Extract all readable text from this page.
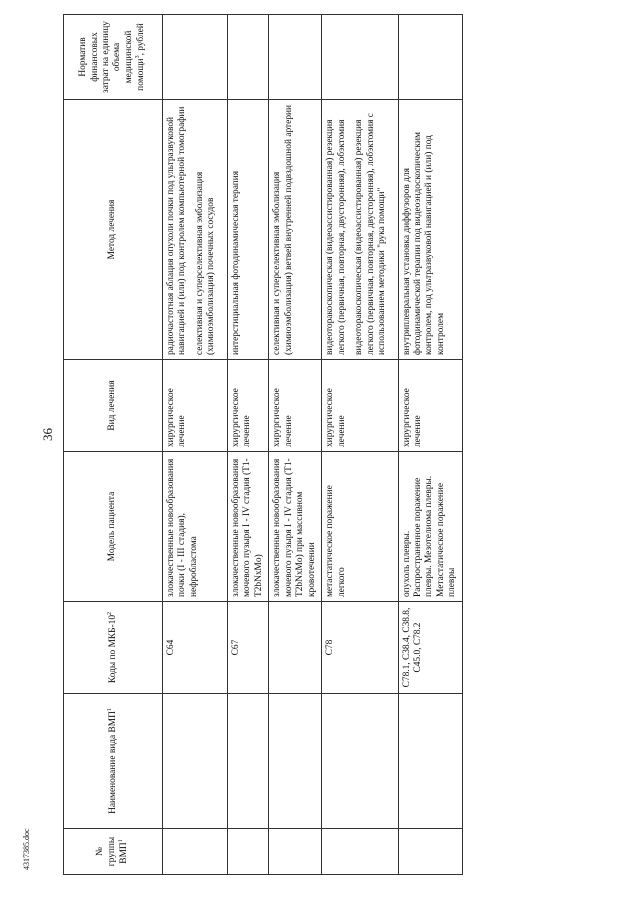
36
4317385.doc	№ группы ВМП$^1$	Наименование вида ВМП$^1$	Коды по МКБ-$10^2$	Модель пациента	Вид лечения	Метод лечения	Норматив финансовых затрат на единицу объема медицинской помощи$^3$, рублей
		C64	злокачественные новообразования почки (I - III стадия), нефробластома	хирургическое лечение	радиочастотная аблация опухоли почки под ультразвуковой навигацией и (или) под контролем компьютерной томографии селективная и суперселективная эмболизация (химиоэмболизация) почечных сосудов	

		C67	злокачественные новообразования мочевого пузыря I - IV стадия (T1-T2bNxMo)	хирургическое лечение	интерстициальная фотодинамическая терапия	

			злокачественные новообразования мочевого пузыря I - IV стадия (T1-T2bNxMo) при массивном кровотечении	хирургическое лечение	селективная и суперселективная эмболизация (химиоэмболизация) ветвей внутренней подвздошной артерии	

		C78	метастатическое поражение легкого	хирургическое лечение	видеоторакоскопическая (видеоассистированная) резекция легкого (первичная, повторная, двусторонняя), лобэктомия видеоторакоскопическая (видеоассистированная) резекция легкого (первичная, повторная, двусторонняя), лобэктомия с использованием методики "рука помощи"	

		C78.1, C38.4, C38.8, C45.0, C78.2	опухоль плевры. Распространенное поражение плевры. Мезотелиома плевры. Метастатическое поражение плевры	хирургическое лечение	внутриплевральная установка диффузоров для фотодинамической терапии под видеоэндоскопическим контролем, под ультразвуковой навигацией и (или) под контролем	
